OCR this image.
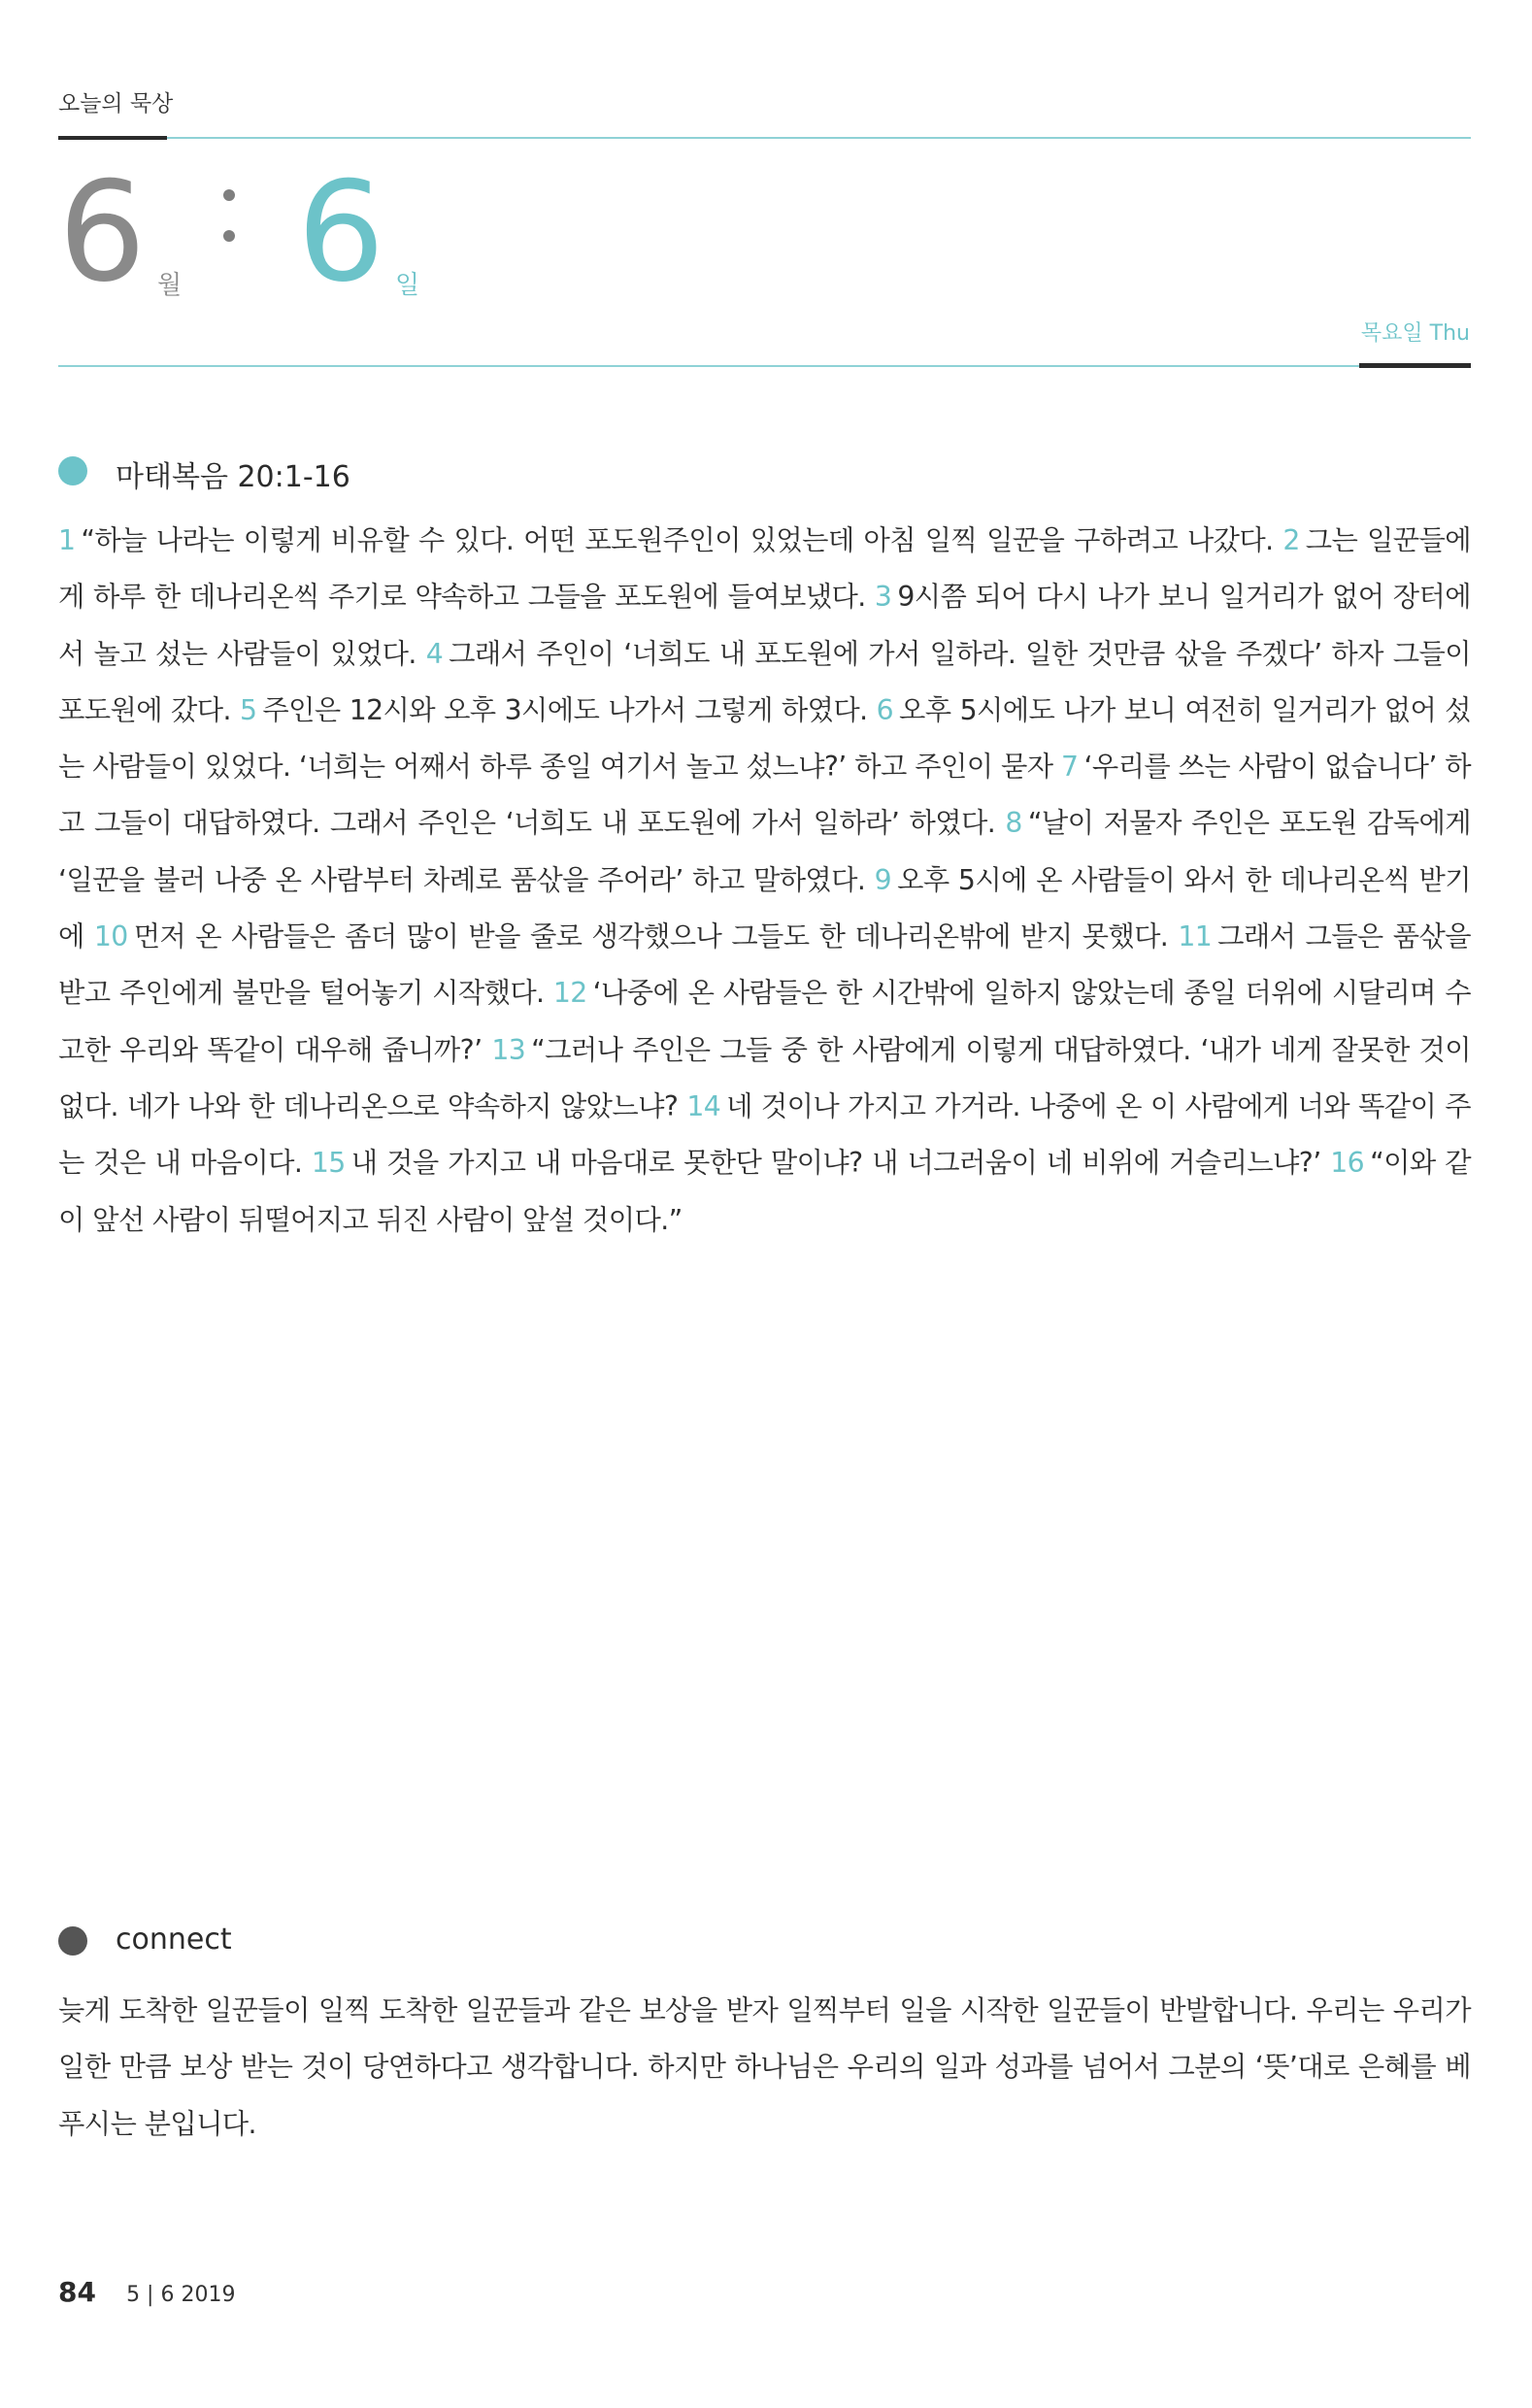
오늘의 묵상
6 월 6 일
목요일 Thu
마태복음 20:1-16
1 “하늘 나라는 이렇게 비유할 수 있다. 어떤 포도원주인이 있었는데 아침 일찍 일꾼을 구하려고 나갔다. 2 그는 일꾼들에게 하루 한 데나리온씩 주기로 약속하고 그들을 포도원에 들여보냈다. 3 9시쯤 되어 다시 나가 보니 일거리가 없어 장터에서 놀고 섰는 사람들이 있었다. 4 그래서 주인이 ‘너희도 내 포도원에 가서 일하라. 일한 것만큼 삯을 주겠다’ 하자 그들이 포도원에 갔다. 5 주인은 12시와 오후 3시에도 나가서 그렇게 하였다. 6 오후 5시에도 나가 보니 여전히 일거리가 없어 섰는 사람들이 있었다. ‘너희는 어째서 하루 종일 여기서 놀고 섰느냐?’ 하고 주인이 묻자 7 ‘우리를 쓰는 사람이 없습니다’ 하고 그들이 대답하였다. 그래서 주인은 ‘너희도 내 포도원에 가서 일하라’ 하였다. 8 “날이 저물자 주인은 포도원 감독에게 ‘일꾼을 불러 나중 온 사람부터 차례로 품삯을 주어라’ 하고 말하였다. 9 오후 5시에 온 사람들이 와서 한 데나리온씩 받기에 10 먼저 온 사람들은 좀더 많이 받을 줄로 생각했으나 그들도 한 데나리온밖에 받지 못했다. 11 그래서 그들은 품삯을 받고 주인에게 불만을 털어놓기 시작했다. 12 ‘나중에 온 사람들은 한 시간밖에 일하지 않았는데 종일 더위에 시달리며 수고한 우리와 똑같이 대우해 줍니까?’ 13 “그러나 주인은 그들 중 한 사람에게 이렇게 대답하였다. ‘내가 네게 잘못한 것이 없다. 네가 나와 한 데나리온으로 약속하지 않았느냐? 14 네 것이나 가지고 가거라. 나중에 온 이 사람에게 너와 똑같이 주는 것은 내 마음이다. 15 내 것을 가지고 내 마음대로 못한단 말이냐? 내 너그러움이 네 비위에 거슬리느냐?’ 16 “이와 같이 앞선 사람이 뒤떨어지고 뒤진 사람이 앞설 것이다.”
connect
늦게 도착한 일꾼들이 일찍 도착한 일꾼들과 같은 보상을 받자 일찍부터 일을 시작한 일꾼들이 반발합니다. 우리는 우리가 일한 만큼 보상 받는 것이 당연하다고 생각합니다. 하지만 하나님은 우리의 일과 성과를 넘어서 그분의 ‘뜻’대로 은혜를 베푸시는 분입니다.
84 5 | 6 2019
